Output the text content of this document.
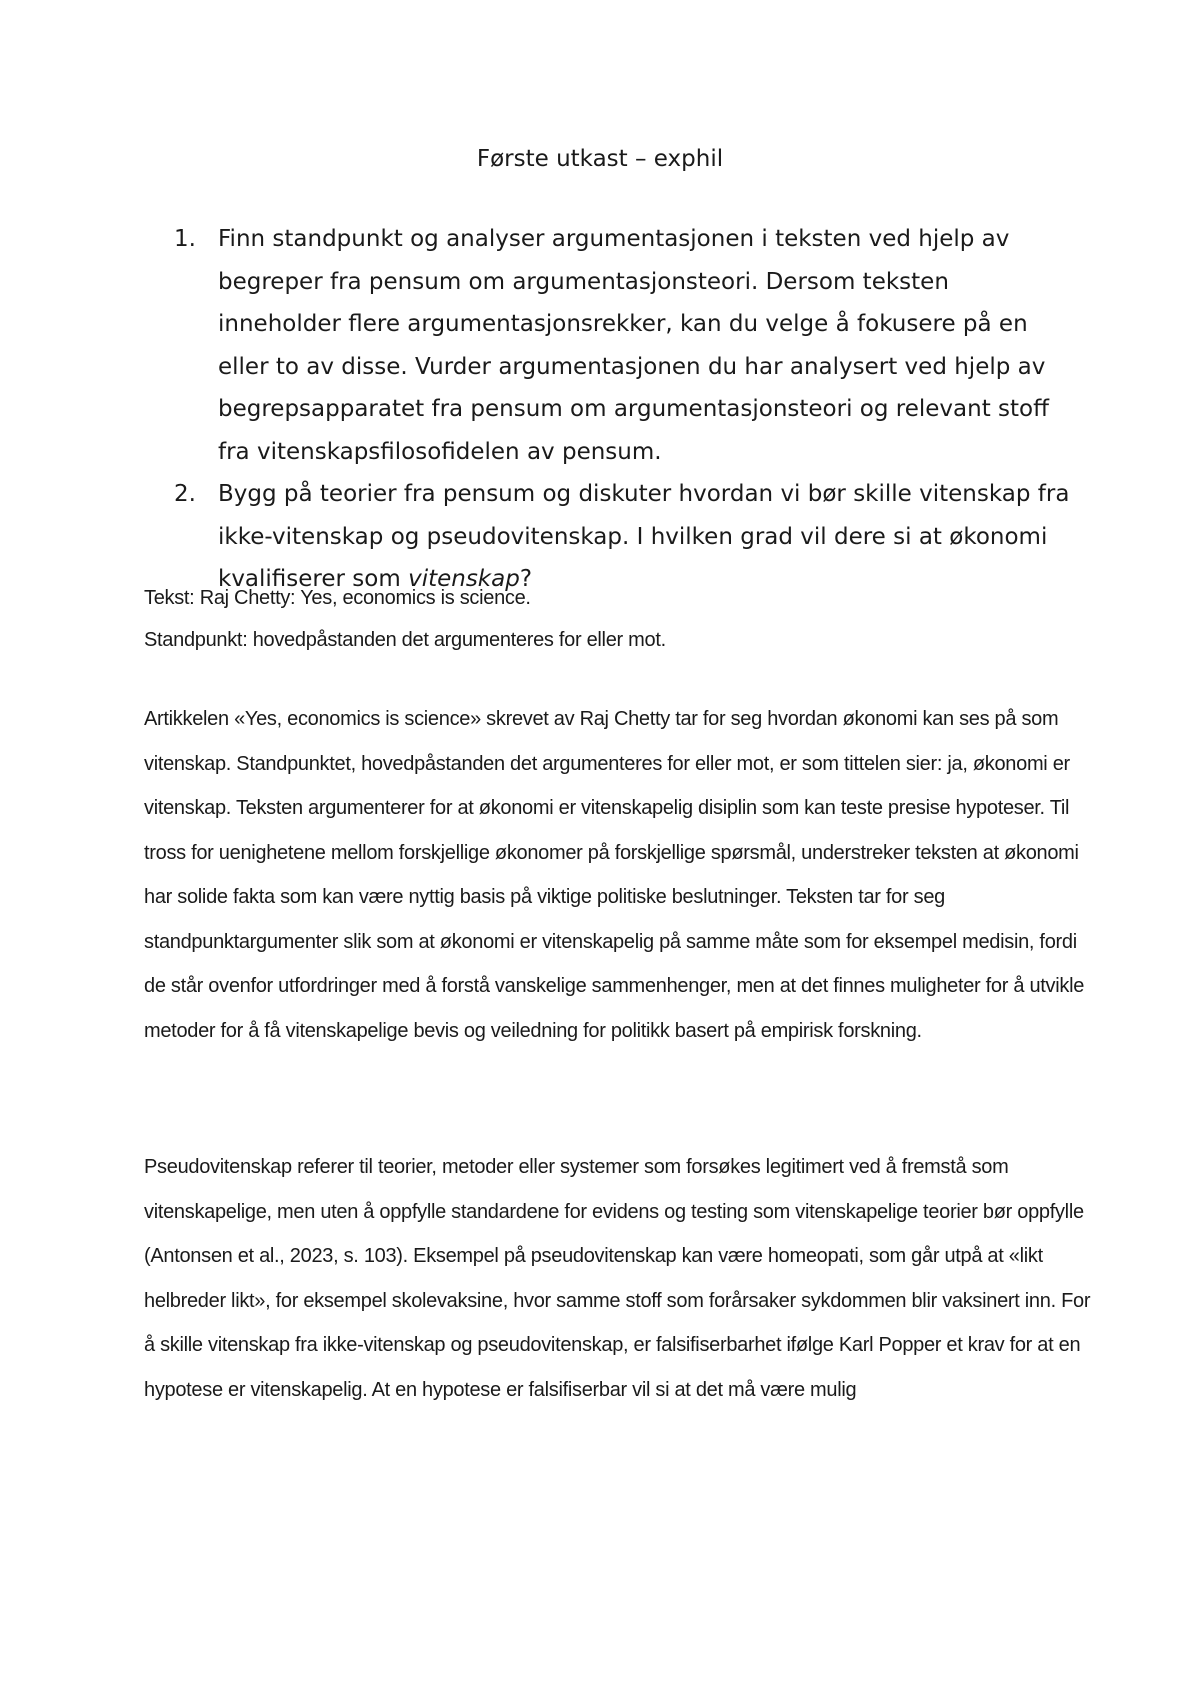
Første utkast – exphil
1. Finn standpunkt og analyser argumentasjonen i teksten ved hjelp av begreper fra pensum om argumentasjonsteori. Dersom teksten inneholder flere argumentasjonsrekker, kan du velge å fokusere på en eller to av disse. Vurder argumentasjonen du har analysert ved hjelp av begrepsapparatet fra pensum om argumentasjonsteori og relevant stoff fra vitenskapsfilosofidelen av pensum.
2. Bygg på teorier fra pensum og diskuter hvordan vi bør skille vitenskap fra ikke-vitenskap og pseudovitenskap. I hvilken grad vil dere si at økonomi kvalifiserer som vitenskap?
Tekst: Raj Chetty: Yes, economics is science.
Standpunkt: hovedpåstanden det argumenteres for eller mot.

Artikkelen «Yes, economics is science» skrevet av Raj Chetty tar for seg hvordan økonomi kan ses på som vitenskap. Standpunktet, hovedpåstanden det argumenteres for eller mot, er som tittelen sier: ja, økonomi er vitenskap. Teksten argumenterer for at økonomi er vitenskapelig disiplin som kan teste presise hypoteser. Til tross for uenighetene mellom forskjellige økonomer på forskjellige spørsmål, understreker teksten at økonomi har solide fakta som kan være nyttig basis på viktige politiske beslutninger. Teksten tar for seg standpunktargumenter slik som at økonomi er vitenskapelig på samme måte som for eksempel medisin, fordi de står ovenfor utfordringer med å forstå vanskelige sammenhenger, men at det finnes muligheter for å utvikle metoder for å få vitenskapelige bevis og veiledning for politikk basert på empirisk forskning.

Pseudovitenskap referer til teorier, metoder eller systemer som forsøkes legitimert ved å fremstå som vitenskapelige, men uten å oppfylle standardene for evidens og testing som vitenskapelige teorier bør oppfylle (Antonsen et al., 2023, s. 103). Eksempel på pseudovitenskap kan være homeopati, som går utpå at «likt helbreder likt», for eksempel skolevaksine, hvor samme stoff som forårsaker sykdommen blir vaksinert inn. For å skille vitenskap fra ikke-vitenskap og pseudovitenskap, er falsifiserbarhet ifølge Karl Popper et krav for at en hypotese er vitenskapelig. At en hypotese er falsifiserbar vil si at det må være mulig
